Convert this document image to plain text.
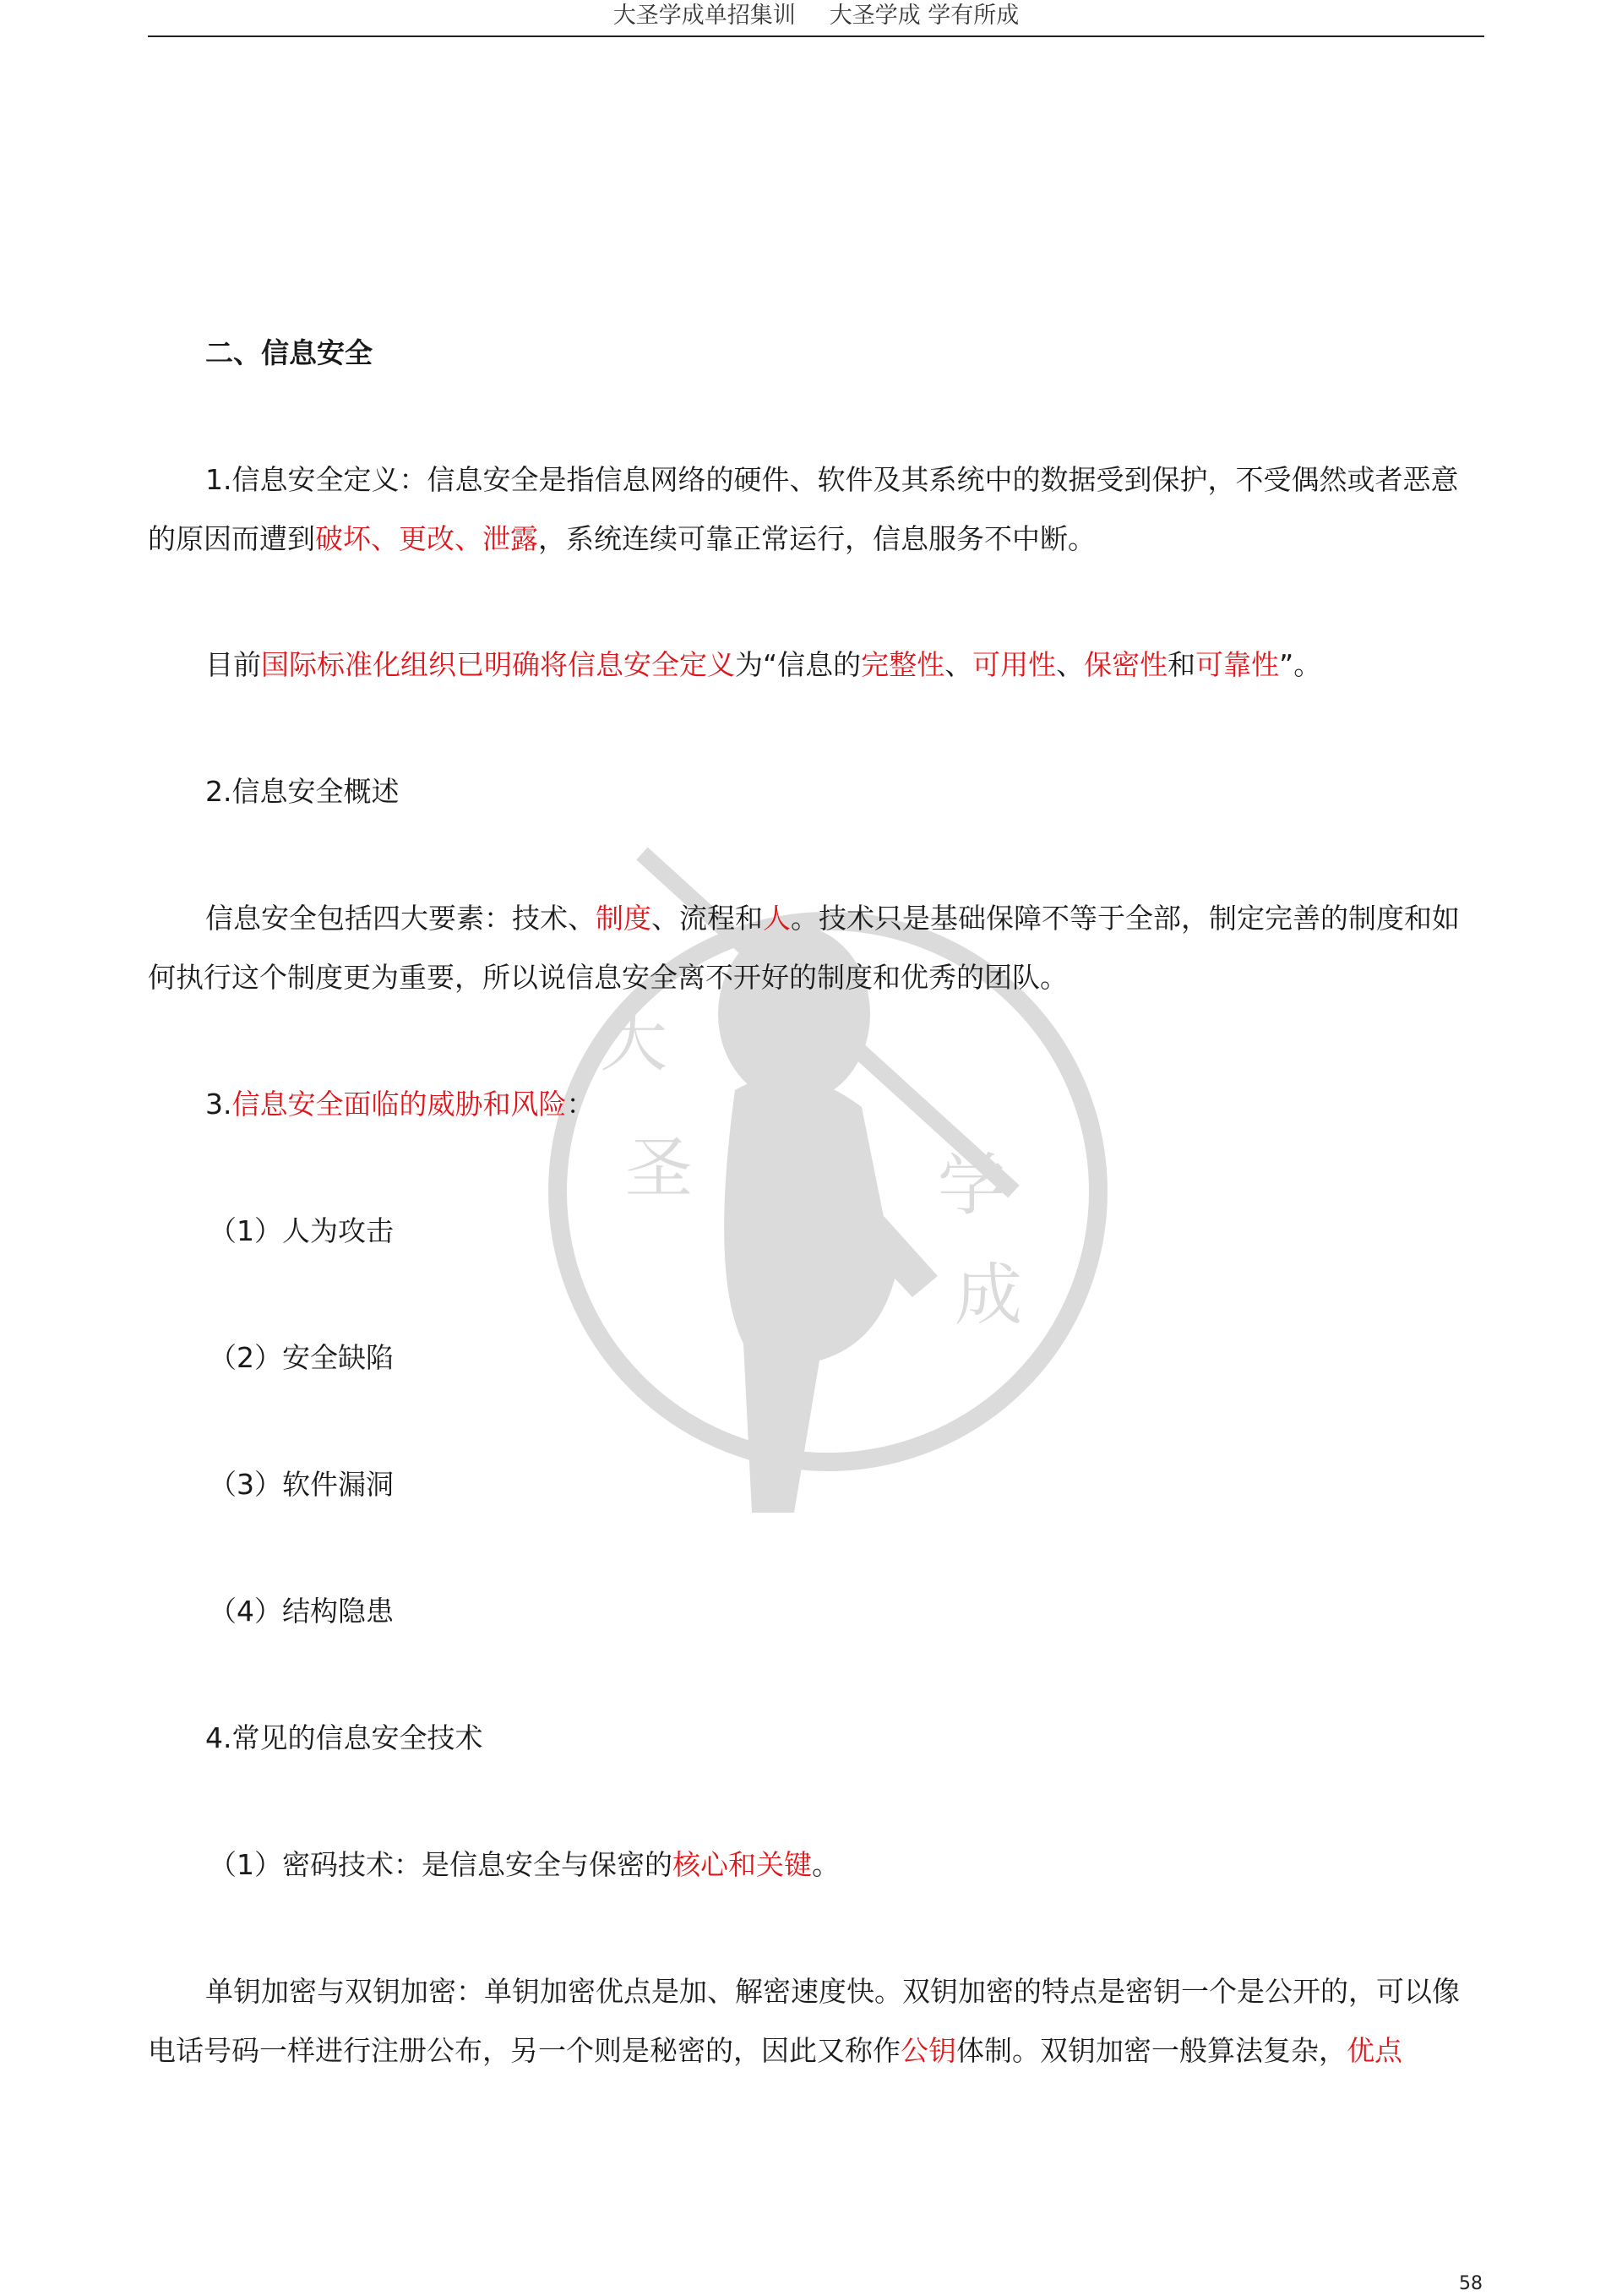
大圣学成单招集训 大圣学成 学有所成
大
圣	学
成
二、信息安全
1.信息安全定义：信息安全是指信息网络的硬件、软件及其系统中的数据受到保护，不受偶然或者恶意的原因而遭到破坏、更改、泄露，系统连续可靠正常运行，信息服务不中断。
目前国际标准化组织已明确将信息安全定义为“信息的完整性、可用性、保密性和可靠性”。
2.信息安全概述
信息安全包括四大要素：技术、制度、流程和人。技术只是基础保障不等于全部，制定完善的制度和如何执行这个制度更为重要，所以说信息安全离不开好的制度和优秀的团队。
3.信息安全面临的威胁和风险：
（1）人为攻击
（2）安全缺陷
（3）软件漏洞
（4）结构隐患
4.常见的信息安全技术
（1）密码技术：是信息安全与保密的核心和关键。
单钥加密与双钥加密：单钥加密优点是加、解密速度快。双钥加密的特点是密钥一个是公开的，可以像电话号码一样进行注册公布，另一个则是秘密的，因此又称作公钥体制。双钥加密一般算法复杂，优点
58
